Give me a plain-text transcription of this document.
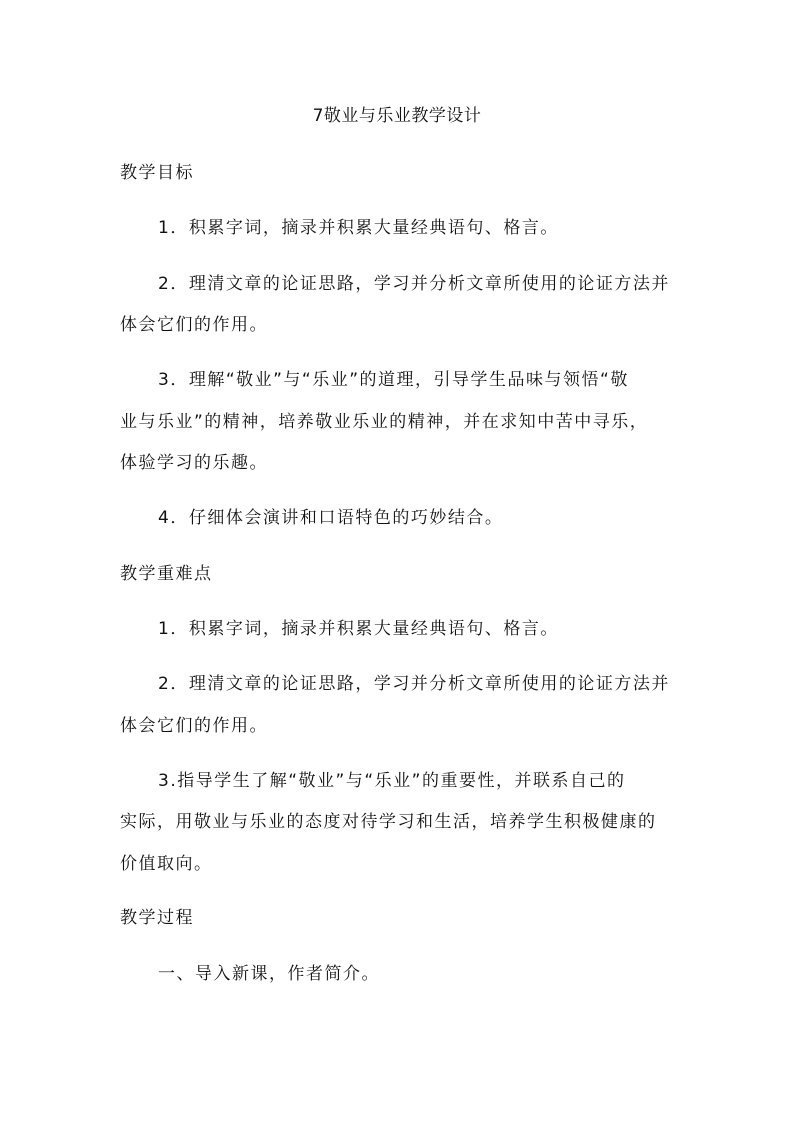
7敬业与乐业教学设计
教学目标
1．积累字词，摘录并积累大量经典语句、格言。
2．理清文章的论证思路，学习并分析文章所使用的论证方法并
体会它们的作用。
3．理解“敬业”与“乐业”的道理，引导学生品味与领悟“敬
业与乐业”的精神，培养敬业乐业的精神，并在求知中苦中寻乐，
体验学习的乐趣。
4．仔细体会演讲和口语特色的巧妙结合。
教学重难点
1．积累字词，摘录并积累大量经典语句、格言。
2．理清文章的论证思路，学习并分析文章所使用的论证方法并
体会它们的作用。
3.指导学生了解“敬业”与“乐业”的重要性，并联系自己的
实际，用敬业与乐业的态度对待学习和生活，培养学生积极健康的
价值取向。
教学过程
一、导入新课，作者简介。
